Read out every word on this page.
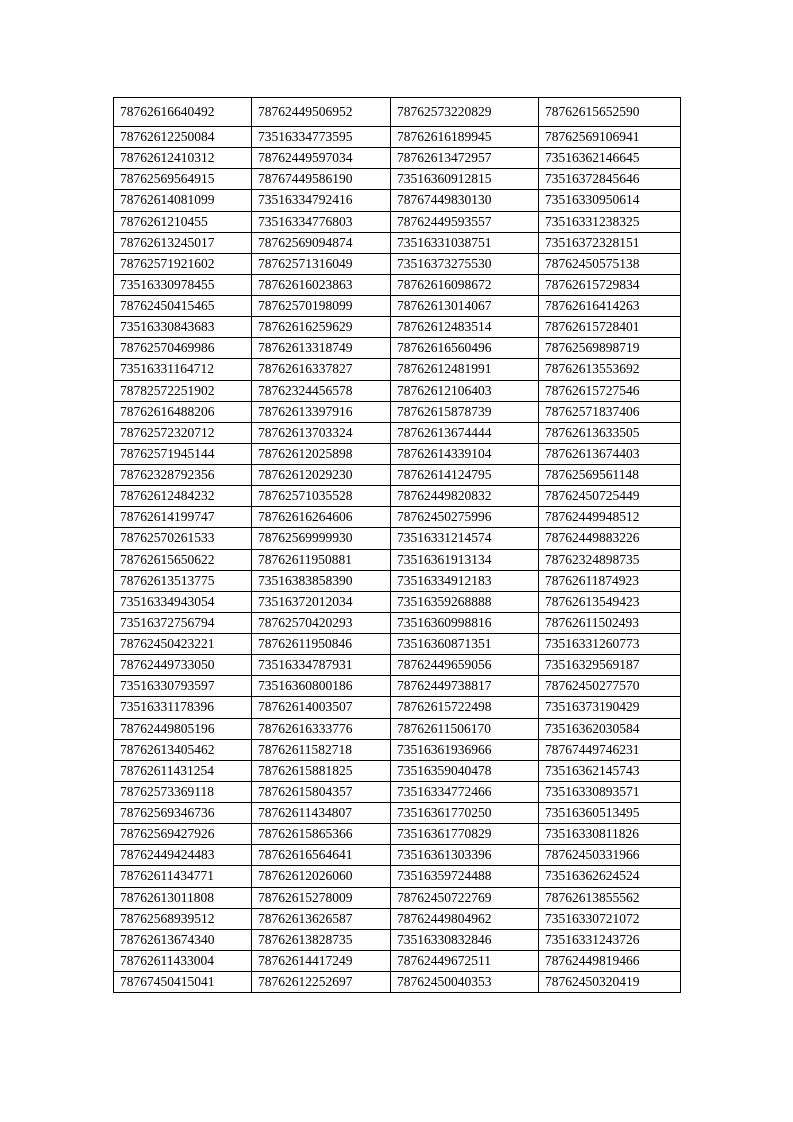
78762616640492	78762449506952	78762573220829	78762615652590
78762612250084	73516334773595	78762616189945	78762569106941
78762612410312	78762449597034	78762613472957	73516362146645
78762569564915	78767449586190	73516360912815	73516372845646
78762614081099	73516334792416	78767449830130	73516330950614
7876261210455	73516334776803	78762449593557	73516331238325
78762613245017	78762569094874	73516331038751	73516372328151
78762571921602	78762571316049	73516373275530	78762450575138
73516330978455	78762616023863	78762616098672	78762615729834
78762450415465	78762570198099	78762613014067	78762616414263
73516330843683	78762616259629	78762612483514	78762615728401
78762570469986	78762613318749	78762616560496	78762569898719
73516331164712	78762616337827	78762612481991	78762613553692
78782572251902	78762324456578	78762612106403	78762615727546
78762616488206	78762613397916	78762615878739	78762571837406
78762572320712	78762613703324	78762613674444	78762613633505
78762571945144	78762612025898	78762614339104	78762613674403
78762328792356	78762612029230	78762614124795	78762569561148
78762612484232	78762571035528	78762449820832	78762450725449
78762614199747	78762616264606	78762450275996	78762449948512
78762570261533	78762569999930	73516331214574	78762449883226
78762615650622	78762611950881	73516361913134	78762324898735
78762613513775	73516383858390	73516334912183	78762611874923
73516334943054	73516372012034	73516359268888	78762613549423
73516372756794	78762570420293	73516360998816	78762611502493
78762450423221	78762611950846	73516360871351	73516331260773
78762449733050	73516334787931	78762449659056	73516329569187
73516330793597	73516360800186	78762449738817	78762450277570
73516331178396	78762614003507	78762615722498	73516373190429
78762449805196	78762616333776	78762611506170	73516362030584
78762613405462	78762611582718	73516361936966	78767449746231
78762611431254	78762615881825	73516359040478	73516362145743
78762573369118	78762615804357	73516334772466	73516330893571
78762569346736	78762611434807	73516361770250	73516360513495
78762569427926	78762615865366	73516361770829	73516330811826
78762449424483	78762616564641	73516361303396	78762450331966
78762611434771	78762612026060	73516359724488	73516362624524
78762613011808	78762615278009	78762450722769	78762613855562
78762568939512	78762613626587	78762449804962	73516330721072
78762613674340	78762613828735	73516330832846	73516331243726
78762611433004	78762614417249	78762449672511	78762449819466
78767450415041	78762612252697	78762450040353	78762450320419
